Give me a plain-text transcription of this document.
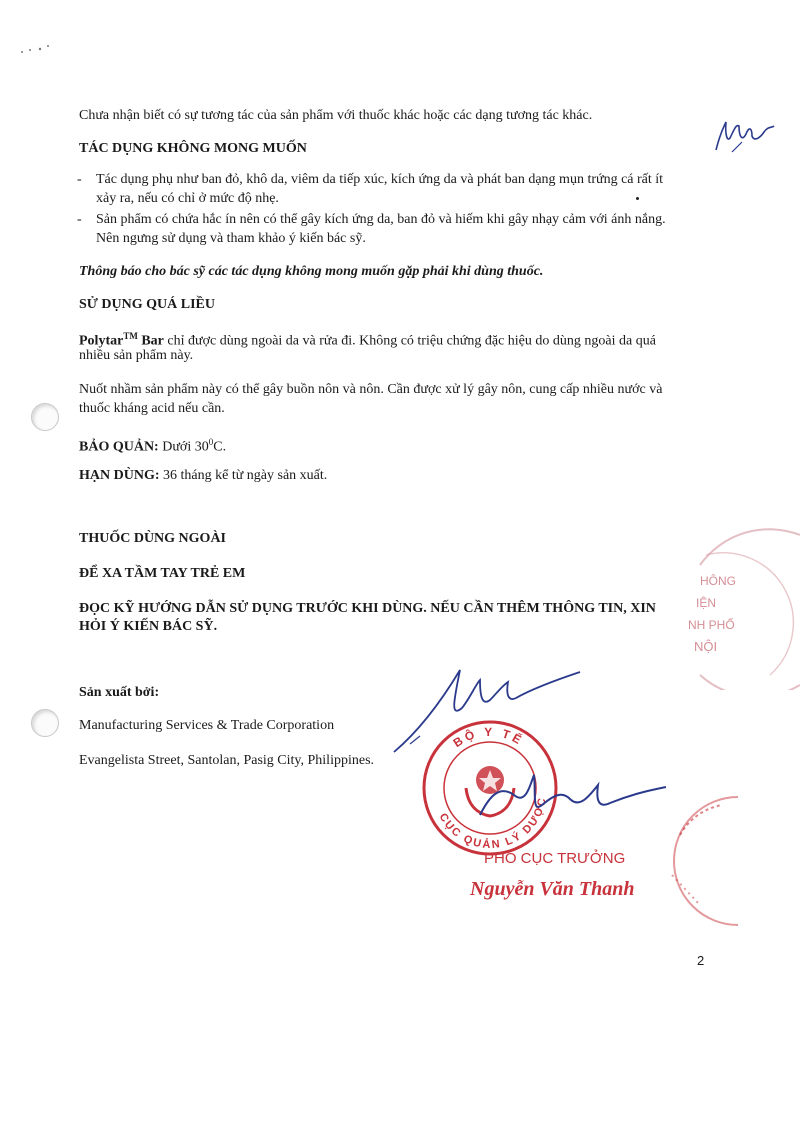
Chưa nhận biết có sự tương tác của sản phẩm với thuốc khác hoặc các dạng tương tác khác.
TÁC DỤNG KHÔNG MONG MUỐN
- Tác dụng phụ như ban đỏ, khô da, viêm da tiếp xúc, kích ứng da và phát ban dạng mụn trứng cá rất ít
xảy ra, nếu có chỉ ở mức độ nhẹ.
- Sản phẩm có chứa hắc ín nên có thể gây kích ứng da, ban đỏ và hiếm khi gây nhạy cảm với ánh nắng.
Nên ngưng sử dụng và tham khảo ý kiến bác sỹ.
Thông báo cho bác sỹ các tác dụng không mong muốn gặp phải khi dùng thuốc.
SỬ DỤNG QUÁ LIỀU
Polytar™ Bar chỉ được dùng ngoài da và rửa đi. Không có triệu chứng đặc hiệu do dùng ngoài da quá
nhiều sản phẩm này.
Nuốt nhầm sản phẩm này có thể gây buồn nôn và nôn. Cần được xử lý gây nôn, cung cấp nhiều nước và
thuốc kháng acid nếu cần.
BẢO QUẢN: Dưới $30^0C$.
HẠN DÙNG: 36 tháng kể từ ngày sản xuất.
THUỐC DÙNG NGOÀI
ĐỂ XA TẦM TAY TRẺ EM
ĐỌC KỸ HƯỚNG DẪN SỬ DỤNG TRƯỚC KHI DÙNG. NẾU CẦN THÊM THÔNG TIN, XIN
HỎI Ý KIẾN BÁC SỸ.
Sản xuất bởi:
Manufacturing Services & Trade Corporation
Evangelista Street, Santolan, Pasig City, Philippines.
HÔNG
IỆN
NH PHỐ
NỘI
BỘ Y TẾ
CỤC QUẢN LÝ DƯỢC
PHÓ CỤC TRƯỞNG
Nguyễn Văn Thanh
2
